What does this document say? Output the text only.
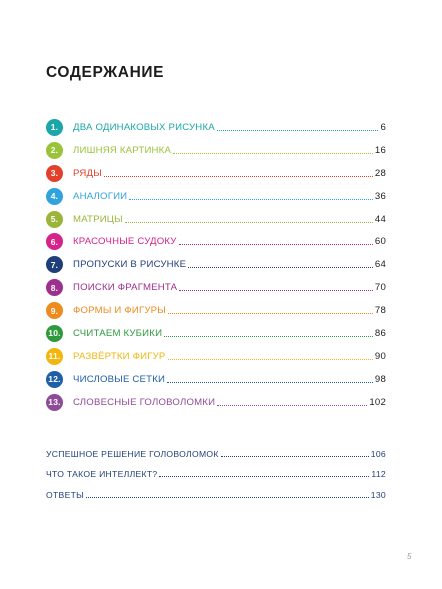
СОДЕРЖАНИЕ
1.	ДВА ОДИНАКОВЫХ РИСУНКА	6
2.	ЛИШНЯЯ КАРТИНКА	16
3.	РЯДЫ	28
4.	АНАЛОГИИ	36
5.	МАТРИЦЫ	44
6.	КРАСОЧНЫЕ СУДОКУ	60
7.	ПРОПУСКИ В РИСУНКЕ	64
8.	ПОИСКИ ФРАГМЕНТА	70
9.	ФОРМЫ И ФИГУРЫ	78
10. СЧИТАЕМ КУБИКИ	86
11. РАЗВЁРТКИ ФИГУР	90
12. ЧИСЛОВЫЕ СЕТКИ	98
13. СЛОВЕСНЫЕ ГОЛОВОЛОМКИ	102
УСПЕШНОЕ РЕШЕНИЕ ГОЛОВОЛОМОК	106
ЧТО ТАКОЕ ИНТЕЛЛЕКТ?	112
ОТВЕТЫ	130
5
